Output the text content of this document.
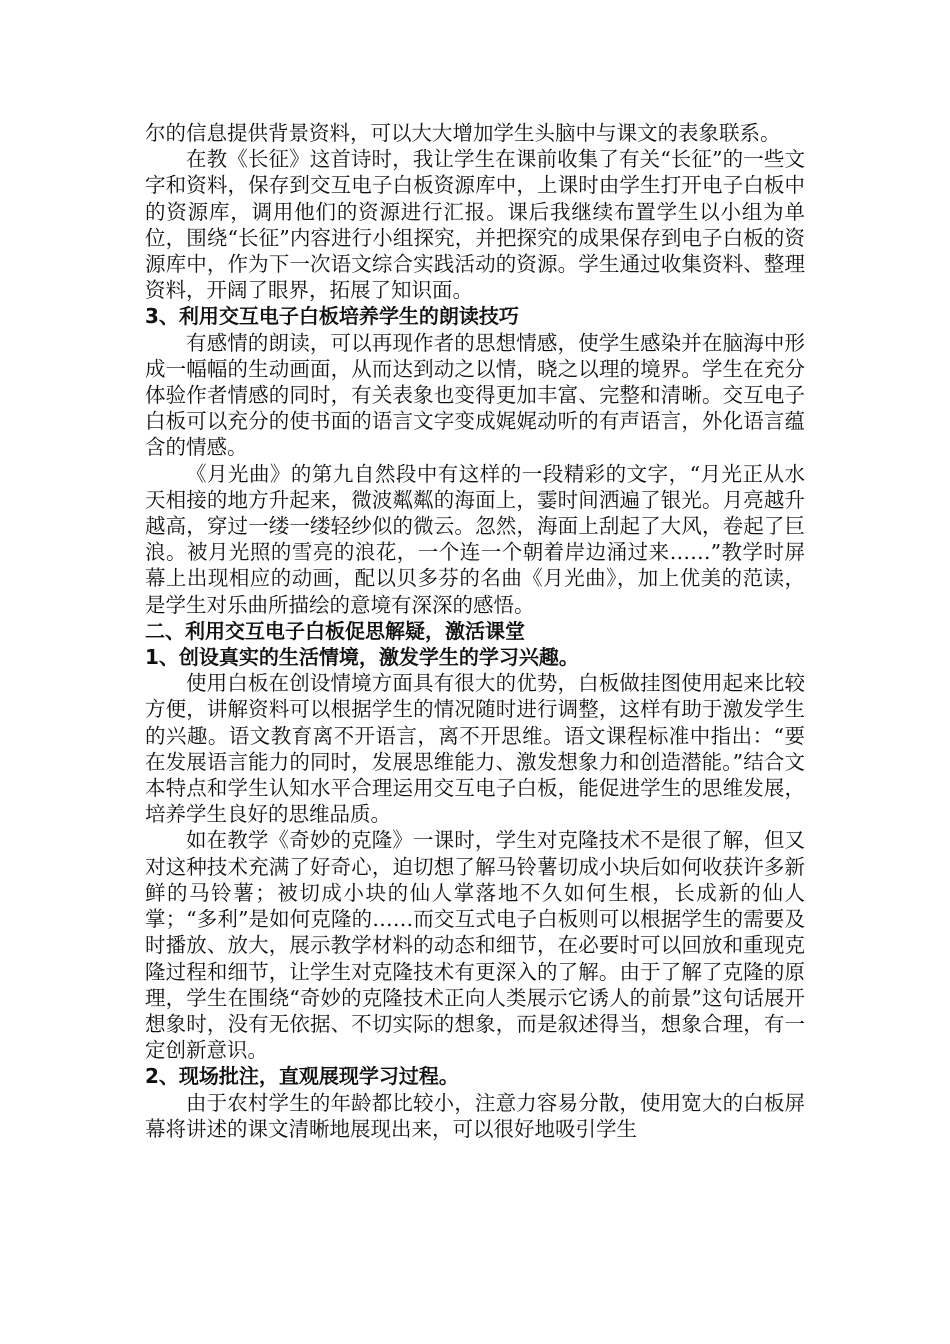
尔的信息提供背景资料，可以大大增加学生头脑中与课文的表象联系。

在教《长征》这首诗时，我让学生在课前收集了有关“长征”的一些文字和资料，保存到交互电子白板资源库中，上课时由学生打开电子白板中的资源库，调用他们的资源进行汇报。课后我继续布置学生以小组为单位，围绕“长征”内容进行小组探究，并把探究的成果保存到电子白板的资源库中，作为下一次语文综合实践活动的资源。学生通过收集资料、整理资料，开阔了眼界，拓展了知识面。

3、利用交互电子白板培养学生的朗读技巧

有感情的朗读，可以再现作者的思想情感，使学生感染并在脑海中形成一幅幅的生动画面，从而达到动之以情，晓之以理的境界。学生在充分体验作者情感的同时，有关表象也变得更加丰富、完整和清晰。交互电子白板可以充分的使书面的语言文字变成娓娓动听的有声语言，外化语言蕴含的情感。

《月光曲》的第九自然段中有这样的一段精彩的文字，“月光正从水天相接的地方升起来，微波粼粼的海面上，霎时间洒遍了银光。月亮越升越高，穿过一缕一缕轻纱似的微云。忽然，海面上刮起了大风，卷起了巨浪。被月光照的雪亮的浪花，一个连一个朝着岸边涌过来……”教学时屏幕上出现相应的动画，配以贝多芬的名曲《月光曲》，加上优美的范读，是学生对乐曲所描绘的意境有深深的感悟。

二、利用交互电子白板促思解疑，激活课堂
1、创设真实的生活情境，激发学生的学习兴趣。

使用白板在创设情境方面具有很大的优势，白板做挂图使用起来比较方便，讲解资料可以根据学生的情况随时进行调整，这样有助于激发学生的兴趣。语文教育离不开语言，离不开思维。语文课程标准中指出：“要在发展语言能力的同时，发展思维能力、激发想象力和创造潜能。”结合文本特点和学生认知水平合理运用交互电子白板，能促进学生的思维发展，培养学生良好的思维品质。

如在教学《奇妙的克隆》一课时，学生对克隆技术不是很了解，但又对这种技术充满了好奇心，迫切想了解马铃薯切成小块后如何收获许多新鲜的马铃薯；被切成小块的仙人掌落地不久如何生根，长成新的仙人掌；“多利”是如何克隆的……而交互式电子白板则可以根据学生的需要及时播放、放大，展示教学材料的动态和细节，在必要时可以回放和重现克隆过程和细节，让学生对克隆技术有更深入的了解。由于了解了克隆的原理，学生在围绕“奇妙的克隆技术正向人类展示它诱人的前景”这句话展开想象时，没有无依据、不切实际的想象，而是叙述得当，想象合理，有一定创新意识。

2、现场批注，直观展现学习过程。

由于农村学生的年龄都比较小，注意力容易分散，使用宽大的白板屏幕将讲述的课文清晰地展现出来，可以很好地吸引学生
